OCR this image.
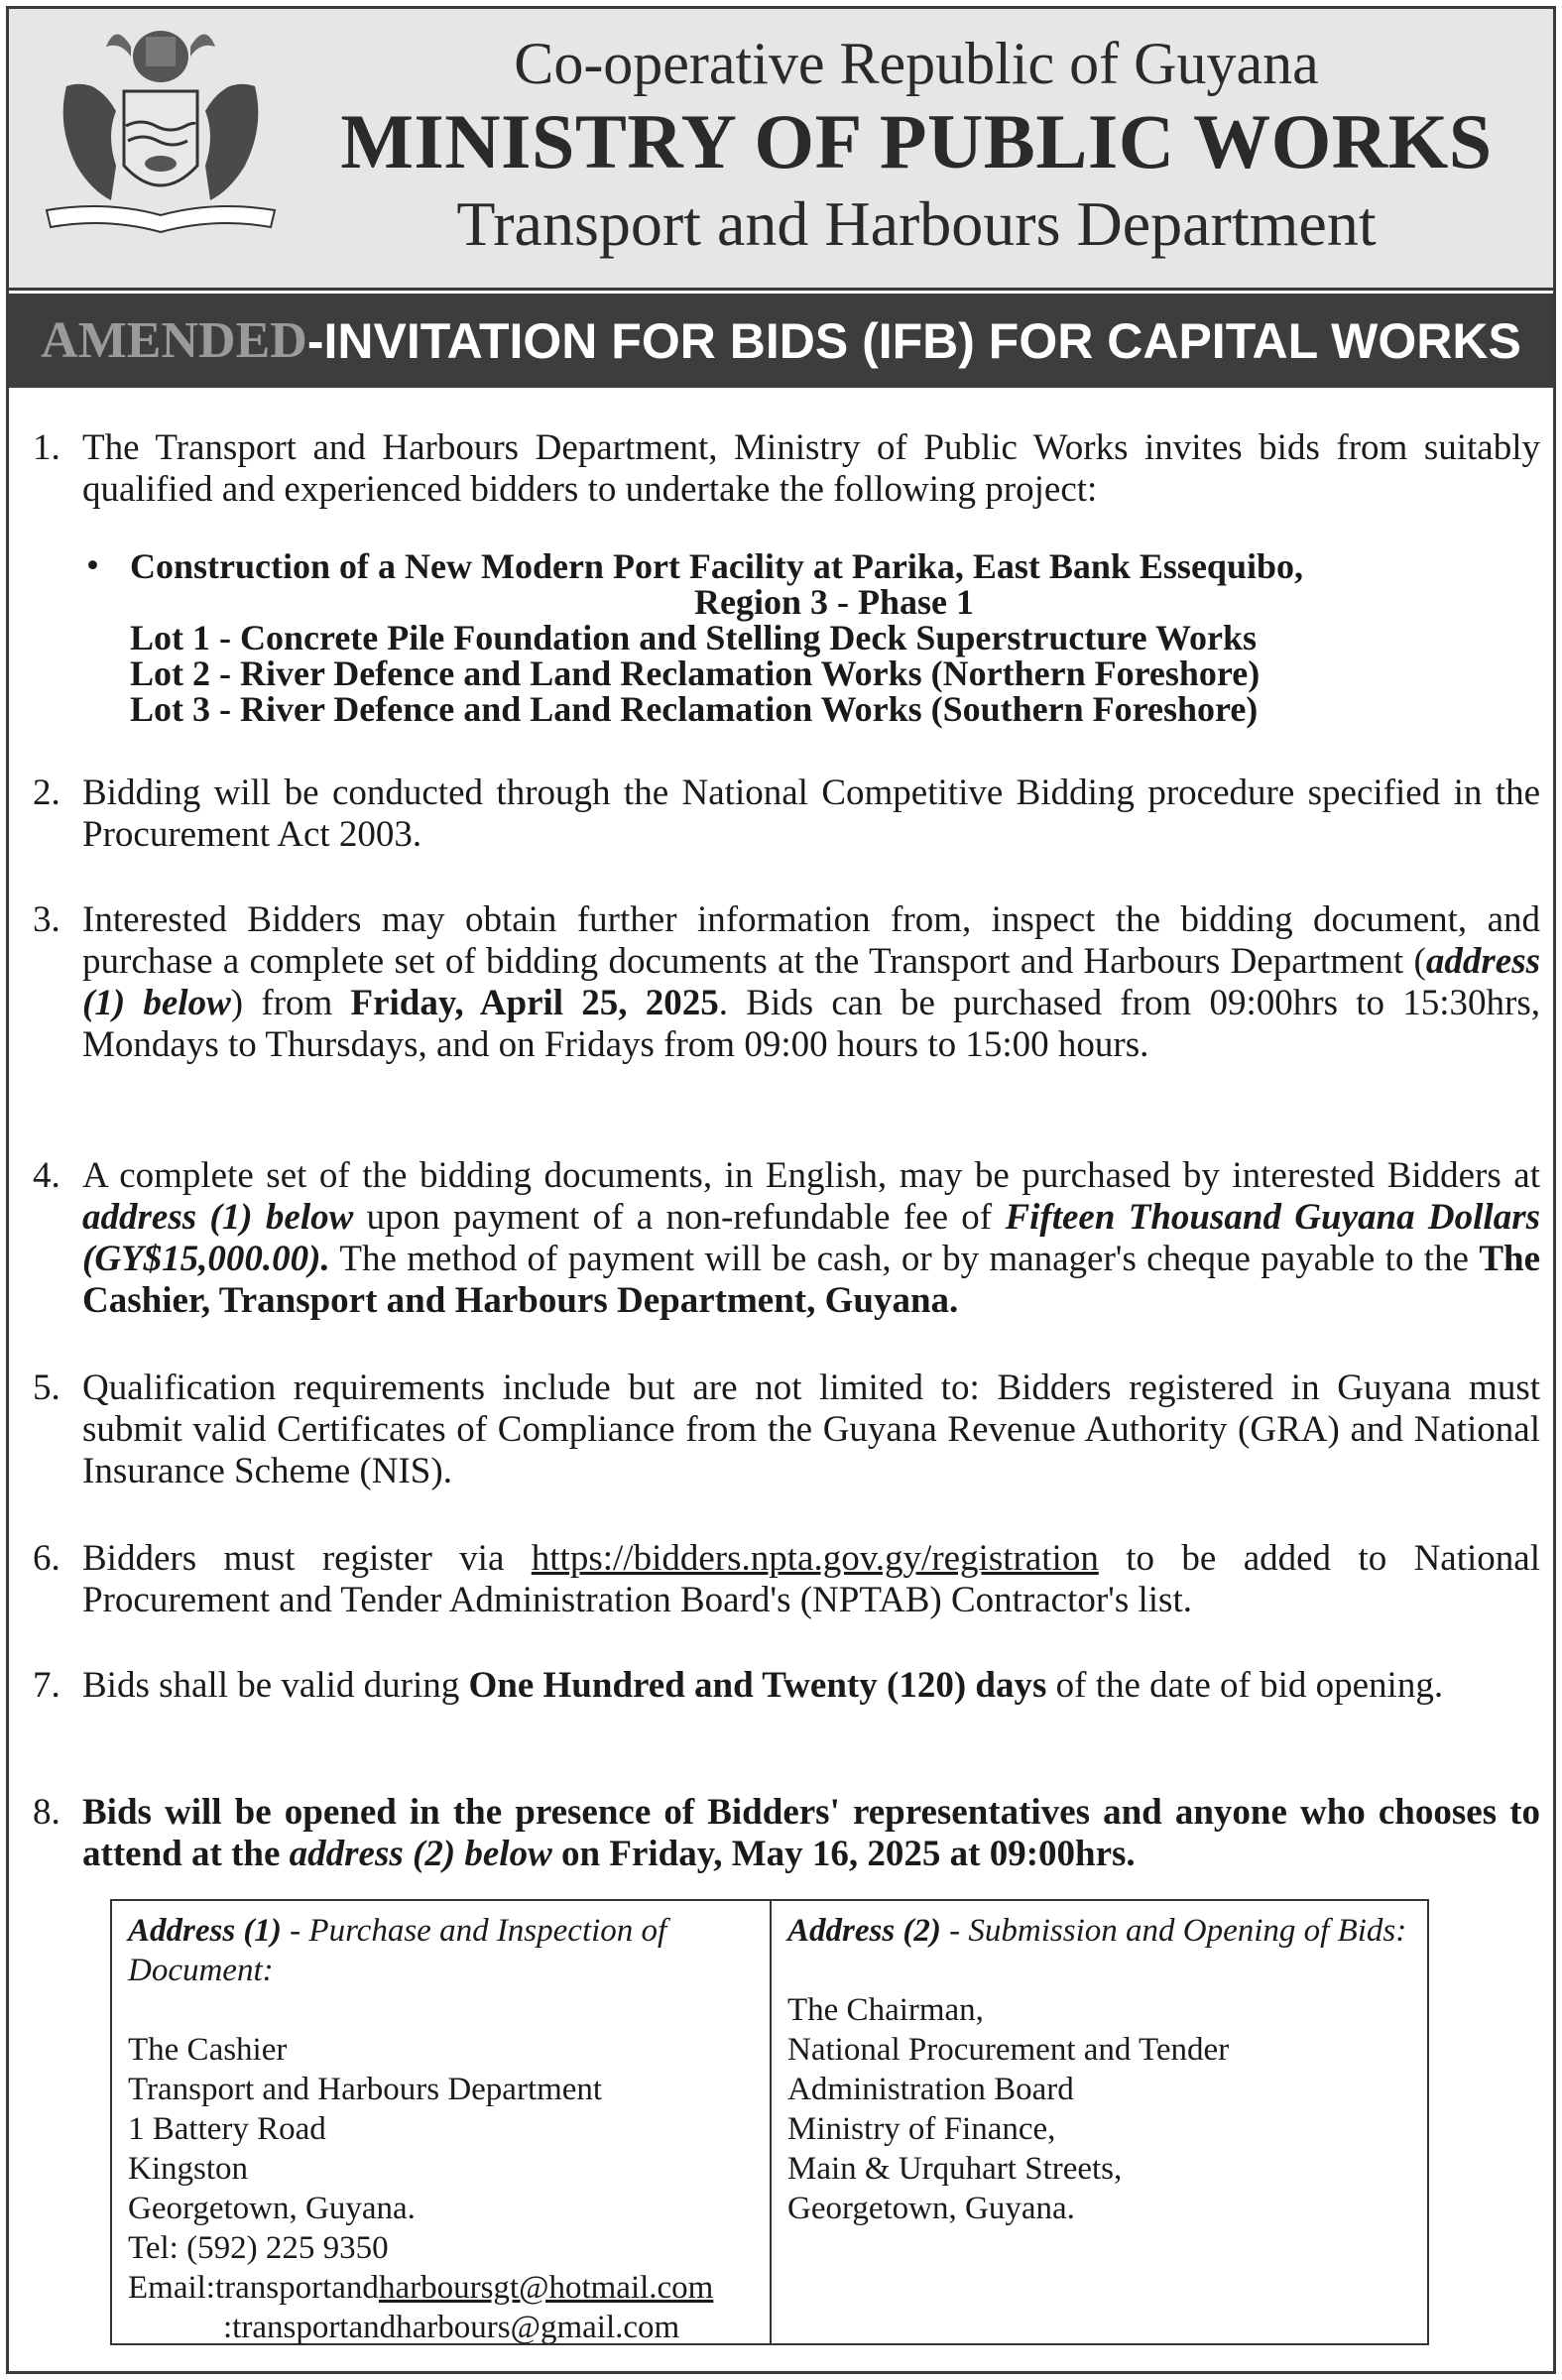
Co-operative Republic of Guyana
MINISTRY OF PUBLIC WORKS
Transport and Harbours Department
AMENDED -INVITATION FOR BIDS (IFB) FOR CAPITAL WORKS
1. The Transport and Harbours Department, Ministry of Public Works invites bids from suitably qualified and experienced bidders to undertake the following project:
• Construction of a New Modern Port Facility at Parika, East Bank Essequibo,
Region 3 - Phase 1
Lot 1 - Concrete Pile Foundation and Stelling Deck Superstructure Works
Lot 2 - River Defence and Land Reclamation Works (Northern Foreshore)
Lot 3 - River Defence and Land Reclamation Works (Southern Foreshore)
2. Bidding will be conducted through the National Competitive Bidding procedure specified in the Procurement Act 2003.
3. Interested Bidders may obtain further information from, inspect the bidding document, and purchase a complete set of bidding documents at the Transport and Harbours Department (address (1) below) from Friday, April 25, 2025. Bids can be purchased from 09:00hrs to 15:30hrs, Mondays to Thursdays, and on Fridays from 09:00 hours to 15:00 hours.
4. A complete set of the bidding documents, in English, may be purchased by interested Bidders at address (1) below upon payment of a non-refundable fee of Fifteen Thousand Guyana Dollars (GY$15,000.00). The method of payment will be cash, or by manager's cheque payable to the The Cashier, Transport and Harbours Department, Guyana.
5. Qualification requirements include but are not limited to: Bidders registered in Guyana must submit valid Certificates of Compliance from the Guyana Revenue Authority (GRA) and National Insurance Scheme (NIS).
6. Bidders must register via https://bidders.npta.gov.gy/registration to be added to National Procurement and Tender Administration Board's (NPTAB) Contractor's list.
7. Bids shall be valid during One Hundred and Twenty (120) days of the date of bid opening.
8. Bids will be opened in the presence of Bidders' representatives and anyone who chooses to attend at the address (2) below on Friday, May 16, 2025 at 09:00hrs.
Address (1) - Purchase and Inspection of Document:
The Cashier
Transport and Harbours Department
1 Battery Road
Kingston
Georgetown, Guyana.
Tel: (592) 225 9350
Email:transportandharboursgt@hotmail.com
:transportandharbours@gmail.com
Address (2) - Submission and Opening of Bids:
The Chairman,
National Procurement and Tender
Administration Board
Ministry of Finance,
Main & Urquhart Streets,
Georgetown, Guyana.
